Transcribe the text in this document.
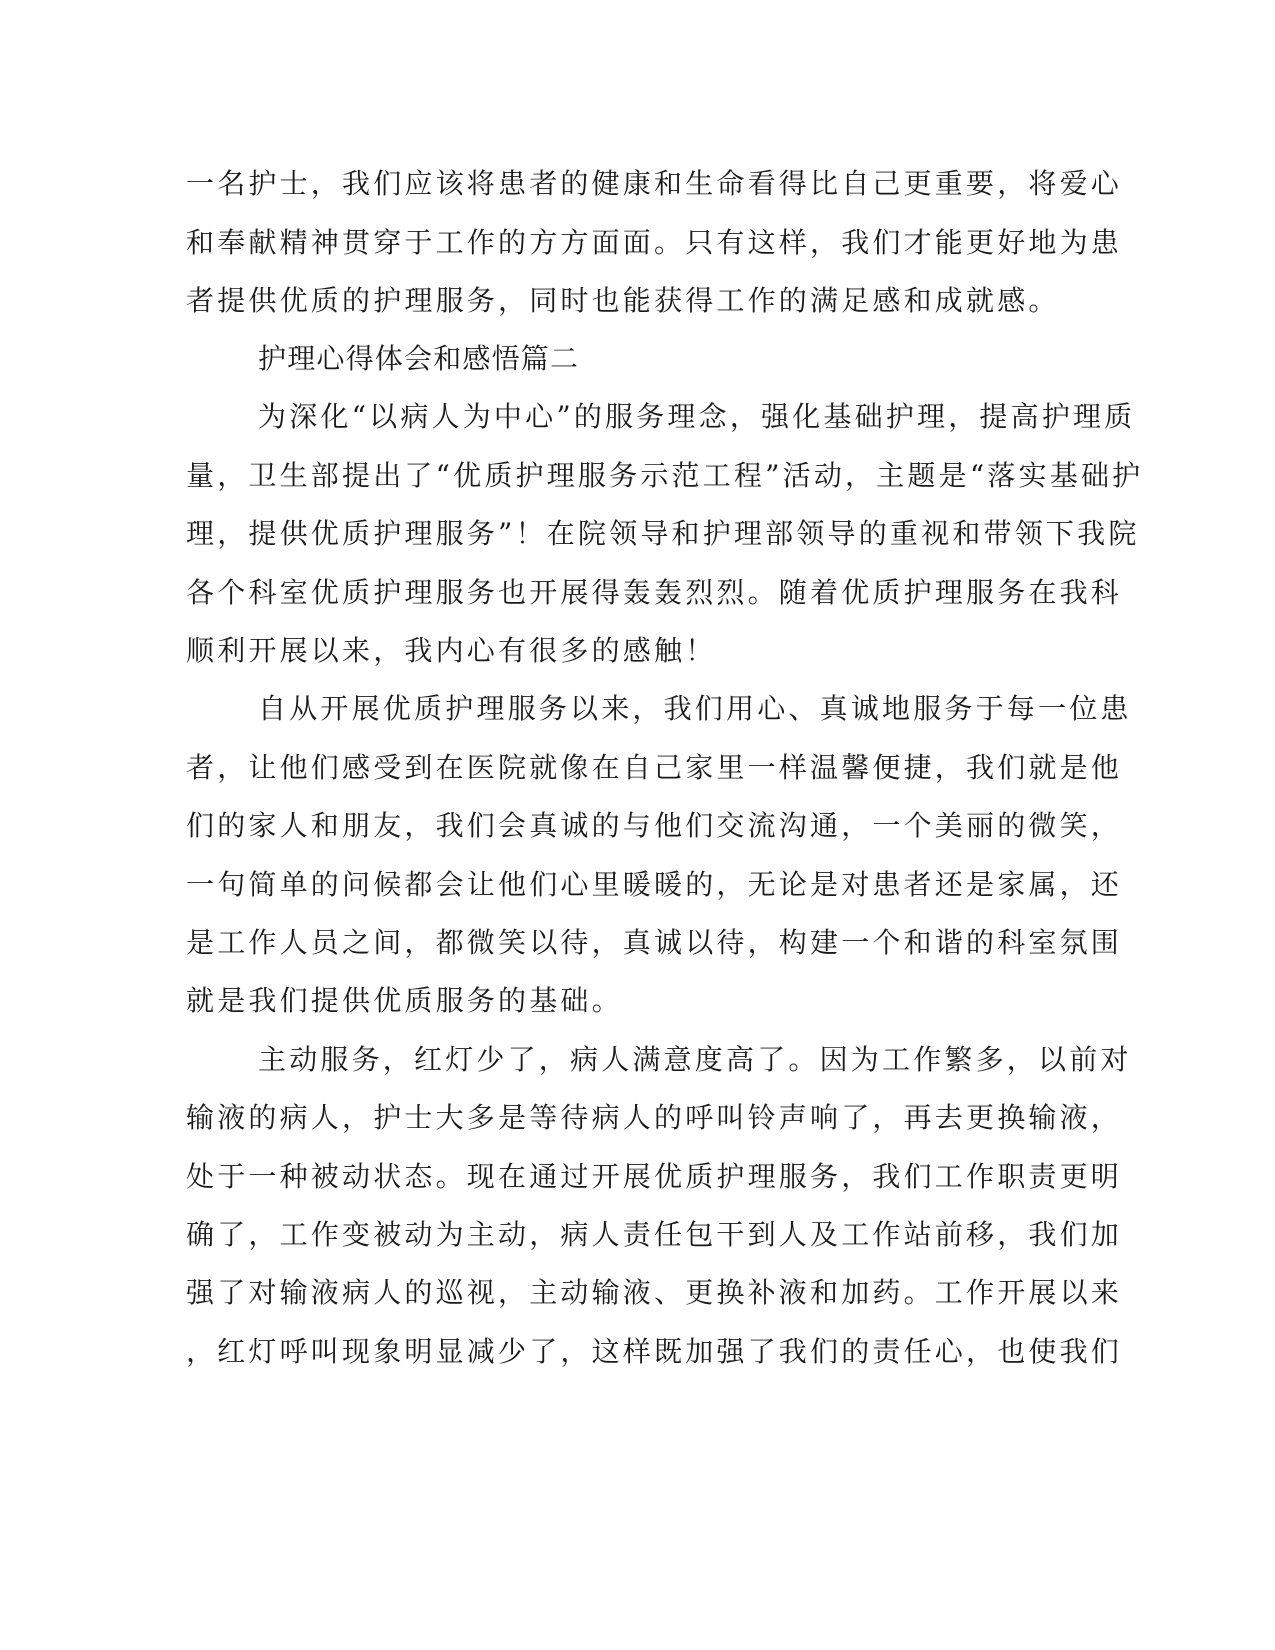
一名护士，我们应该将患者的健康和生命看得比自己更重要，将爱心
和奉献精神贯穿于工作的方方面面。只有这样，我们才能更好地为患
者提供优质的护理服务，同时也能获得工作的满足感和成就感。
护理心得体会和感悟篇二
为深化“以病人为中心”的服务理念，强化基础护理，提高护理质
量，卫生部提出了“优质护理服务示范工程”活动，主题是“落实基础护
理，提供优质护理服务”！在院领导和护理部领导的重视和带领下我院
各个科室优质护理服务也开展得轰轰烈烈。随着优质护理服务在我科
顺利开展以来，我内心有很多的感触！
自从开展优质护理服务以来，我们用心、真诚地服务于每一位患
者，让他们感受到在医院就像在自己家里一样温馨便捷，我们就是他
们的家人和朋友，我们会真诚的与他们交流沟通，一个美丽的微笑，
一句简单的问候都会让他们心里暖暖的，无论是对患者还是家属，还
是工作人员之间，都微笑以待，真诚以待，构建一个和谐的科室氛围
就是我们提供优质服务的基础。
主动服务，红灯少了，病人满意度高了。因为工作繁多，以前对
输液的病人，护士大多是等待病人的呼叫铃声响了，再去更换输液，
处于一种被动状态。现在通过开展优质护理服务，我们工作职责更明
确了，工作变被动为主动，病人责任包干到人及工作站前移，我们加
强了对输液病人的巡视，主动输液、更换补液和加药。工作开展以来
，红灯呼叫现象明显减少了，这样既加强了我们的责任心，也使我们
